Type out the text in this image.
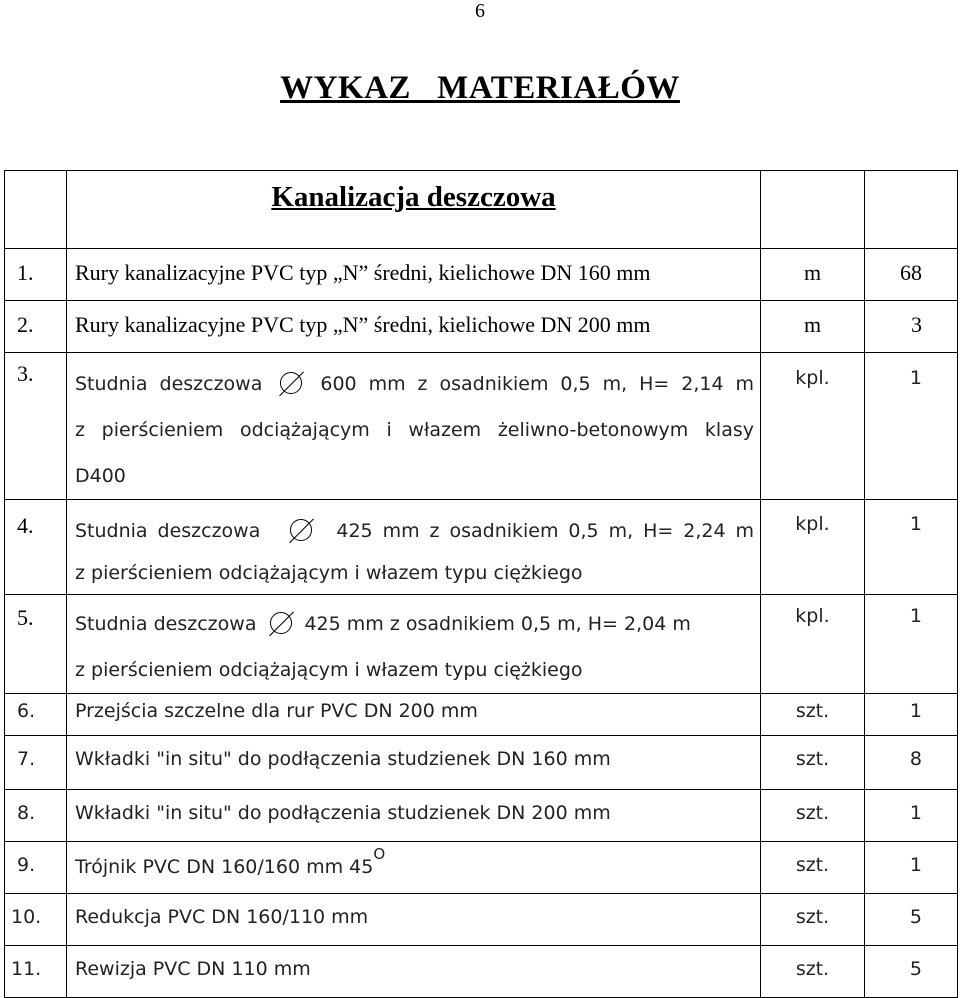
6
WYKAZ   MATERIAŁÓW
	Kanalizacja deszczowa		
1.	Rury kanalizacyjne PVC typ „N” średni, kielichowe DN 160 mm	m	68
2.	Rury kanalizacyjne PVC typ „N” średni, kielichowe DN 200 mm	m	3
3.	Studnia deszczowa 600 mm z osadnikiem 0,5 m, H= 2,14 m
z pierścieniem odciążającym i włazem żeliwno-betonowym klasy
D400	kpl.	1
4.	Studnia deszczowa 425 mm z osadnikiem 0,5 m, H= 2,24 m
z pierścieniem odciążającym i włazem typu ciężkiego	kpl.	1
5.	Studnia deszczowa 425 mm z osadnikiem 0,5 m, H= 2,04 m
z pierścieniem odciążającym i włazem typu ciężkiego	kpl.	1
6.	Przejścia szczelne dla rur PVC DN 200 mm	szt.	1
7.	Wkładki "in situ" do podłączenia studzienek DN 160 mm	szt.	8
8.	Wkładki "in situ" do podłączenia studzienek DN 200 mm	szt.	1
9.	Trójnik PVC DN 160/160 mm $45^O$	szt.	1
10.	Redukcja PVC DN 160/110 mm	szt.	5
11.	Rewizja PVC DN 110 mm	szt.	5
